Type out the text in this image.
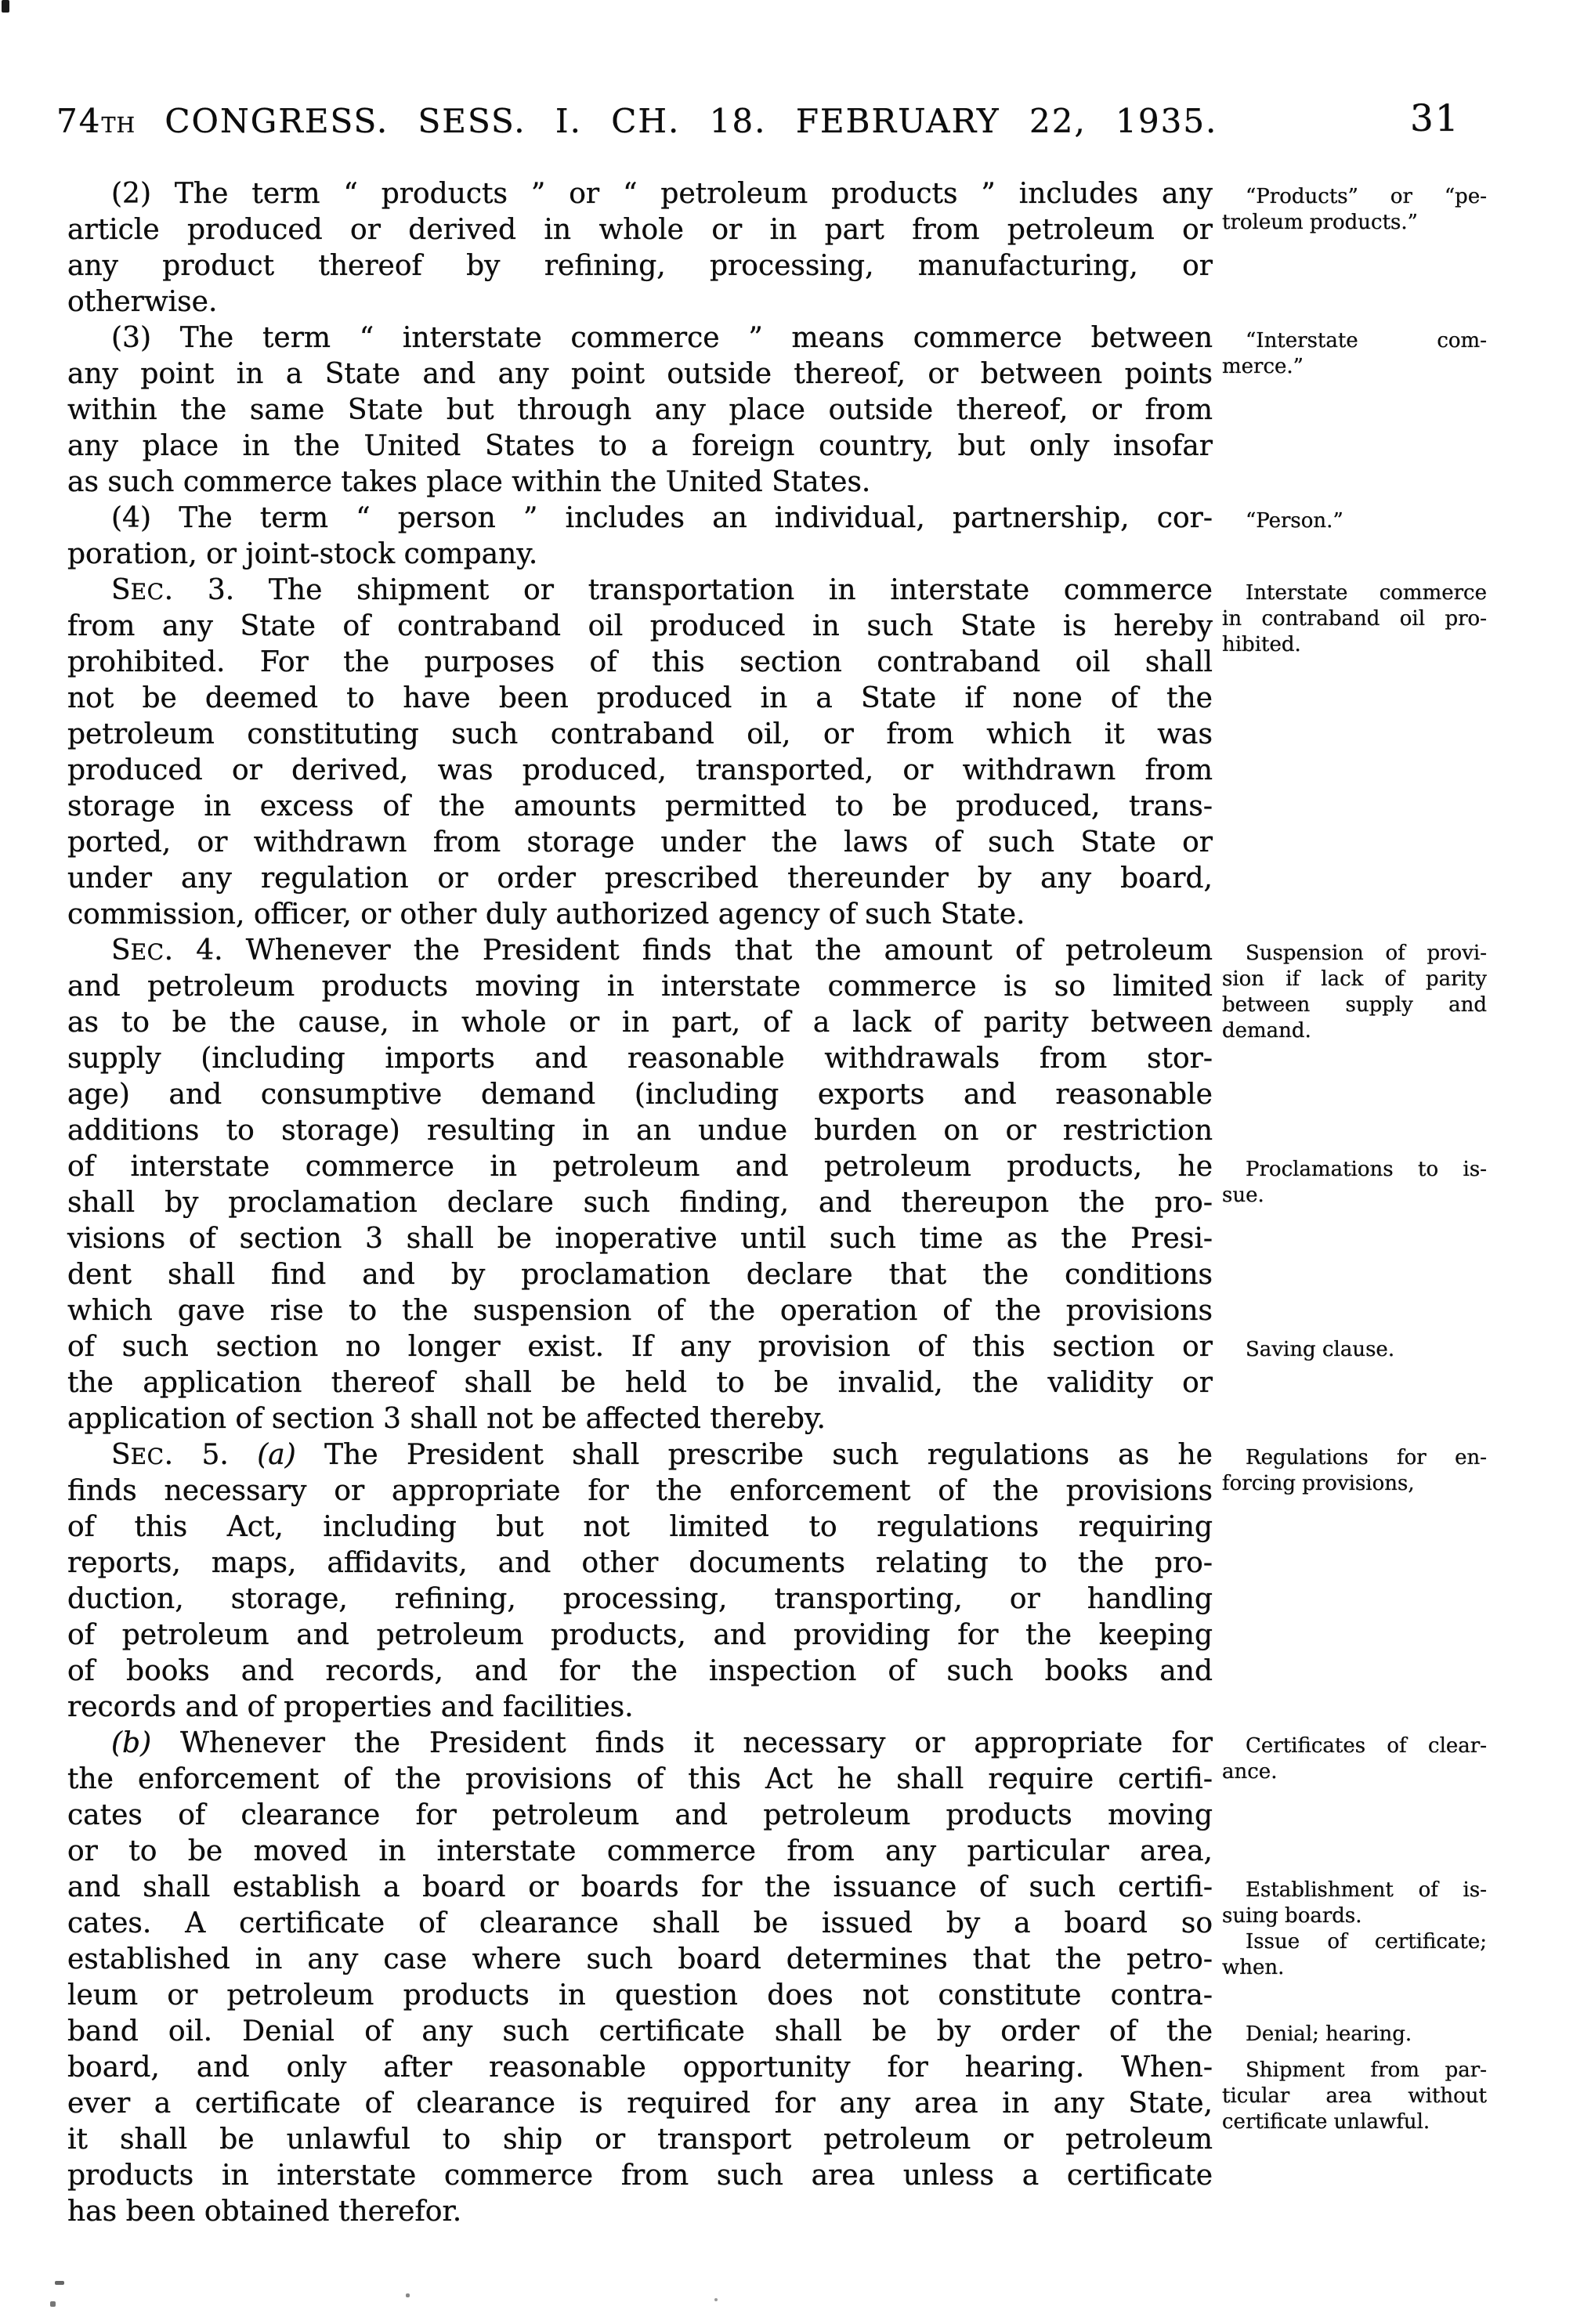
74TH CONGRESS. SESS. I. CH. 18. FEBRUARY 22, 1935.	31
(2) The term “ products ” or “ petroleum products ” includes any
article produced or derived in whole or in part from petroleum or
any product thereof by refining, processing, manufacturing, or
otherwise.
(3) The term “ interstate commerce ” means commerce between
any point in a State and any point outside thereof, or between points
within the same State but through any place outside thereof, or from
any place in the United States to a foreign country, but only insofar
as such commerce takes place within the United States.
(4) The term “ person ” includes an individual, partnership, cor-
poration, or joint-stock company.
SEC. 3. The shipment or transportation in interstate commerce
from any State of contraband oil produced in such State is hereby
prohibited. For the purposes of this section contraband oil shall
not be deemed to have been produced in a State if none of the
petroleum constituting such contraband oil, or from which it was
produced or derived, was produced, transported, or withdrawn from
storage in excess of the amounts permitted to be produced, trans-
ported, or withdrawn from storage under the laws of such State or
under any regulation or order prescribed thereunder by any board,
commission, officer, or other duly authorized agency of such State.
SEC. 4. Whenever the President finds that the amount of petroleum
and petroleum products moving in interstate commerce is so limited
as to be the cause, in whole or in part, of a lack of parity between
supply (including imports and reasonable withdrawals from stor-
age) and consumptive demand (including exports and reasonable
additions to storage) resulting in an undue burden on or restriction
of interstate commerce in petroleum and petroleum products, he
shall by proclamation declare such finding, and thereupon the pro-
visions of section 3 shall be inoperative until such time as the Presi-
dent shall find and by proclamation declare that the conditions
which gave rise to the suspension of the operation of the provisions
of such section no longer exist. If any provision of this section or
the application thereof shall be held to be invalid, the validity or
application of section 3 shall not be affected thereby.
SEC. 5. (a) The President shall prescribe such regulations as he
finds necessary or appropriate for the enforcement of the provisions
of this Act, including but not limited to regulations requiring
reports, maps, affidavits, and other documents relating to the pro-
duction, storage, refining, processing, transporting, or handling
of petroleum and petroleum products, and providing for the keeping
of books and records, and for the inspection of such books and
records and of properties and facilities.
(b) Whenever the President finds it necessary or appropriate for
the enforcement of the provisions of this Act he shall require certifi-
cates of clearance for petroleum and petroleum products moving
or to be moved in interstate commerce from any particular area,
and shall establish a board or boards for the issuance of such certifi-
cates. A certificate of clearance shall be issued by a board so
established in any case where such board determines that the petro-
leum or petroleum products in question does not constitute contra-
band oil. Denial of any such certificate shall be by order of the
board, and only after reasonable opportunity for hearing. When-
ever a certificate of clearance is required for any area in any State,
it shall be unlawful to ship or transport petroleum or petroleum
products in interstate commerce from such area unless a certificate
has been obtained therefor.
“Products” or “pe-
troleum products.”
“Interstate com-
merce.”
“Person.”
Interstate commerce
in contraband oil pro-
hibited.
Suspension of provi-
sion if lack of parity
between supply and
demand.
Proclamations to is-
sue.
Saving clause.
Regulations for en-
forcing provisions,
Certificates of clear-
ance.
Establishment of is-
suing boards.
Issue of certificate;
when.
Denial; hearing.
Shipment from par-
ticular area without
certificate unlawful.
